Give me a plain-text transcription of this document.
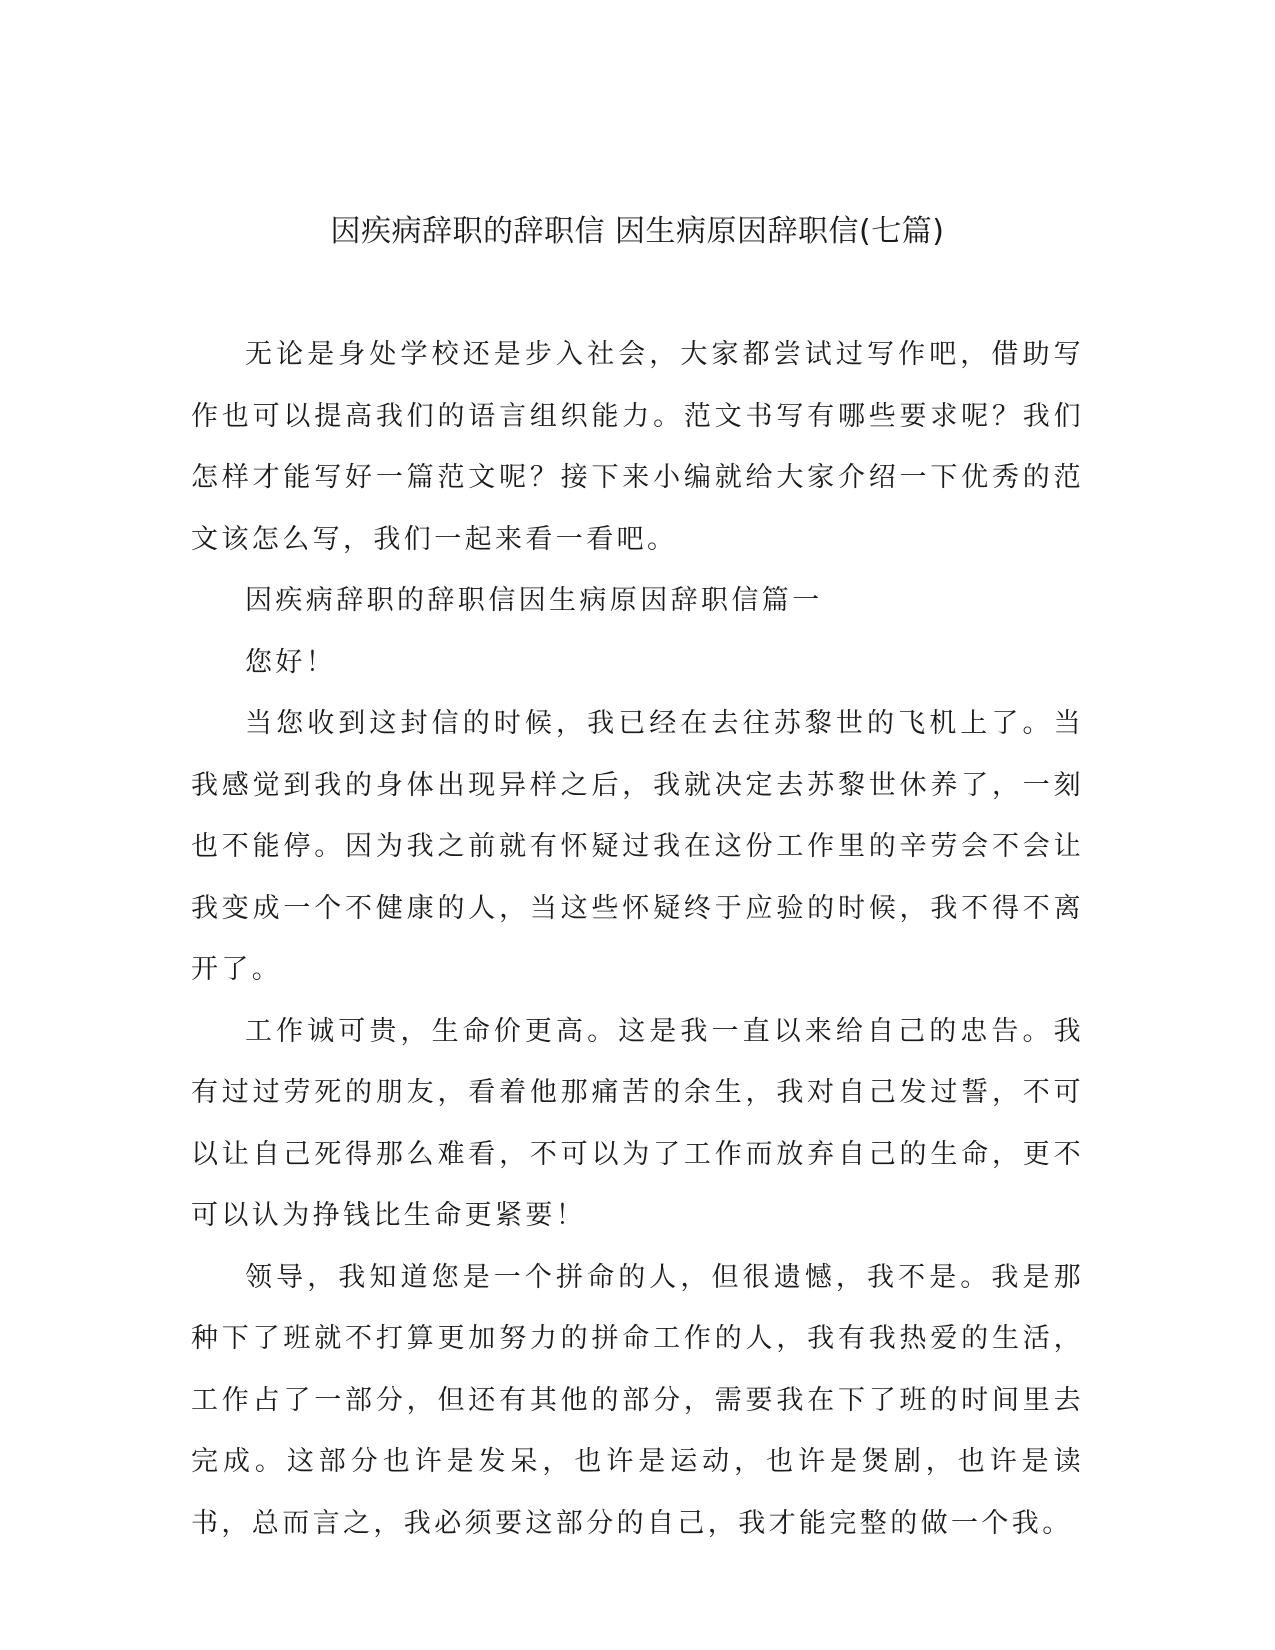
因疾病辞职的辞职信 因生病原因辞职信(七篇)

无论是身处学校还是步入社会，大家都尝试过写作吧，借助写作也可以提高我们的语言组织能力。范文书写有哪些要求呢？我们怎样才能写好一篇范文呢？接下来小编就给大家介绍一下优秀的范文该怎么写，我们一起来看一看吧。

因疾病辞职的辞职信因生病原因辞职信篇一

您好！

当您收到这封信的时候，我已经在去往苏黎世的飞机上了。当我感觉到我的身体出现异样之后，我就决定去苏黎世休养了，一刻也不能停。因为我之前就有怀疑过我在这份工作里的辛劳会不会让我变成一个不健康的人，当这些怀疑终于应验的时候，我不得不离开了。

工作诚可贵，生命价更高。这是我一直以来给自己的忠告。我有过过劳死的朋友，看着他那痛苦的余生，我对自己发过誓，不可以让自己死得那么难看，不可以为了工作而放弃自己的生命，更不可以认为挣钱比生命更紧要！

领导，我知道您是一个拼命的人，但很遗憾，我不是。我是那种下了班就不打算更加努力的拼命工作的人，我有我热爱的生活，工作占了一部分，但还有其他的部分，需要我在下了班的时间里去完成。这部分也许是发呆，也许是运动，也许是煲剧，也许是读书，总而言之，我必须要这部分的自己，我才能完整的做一个我。
